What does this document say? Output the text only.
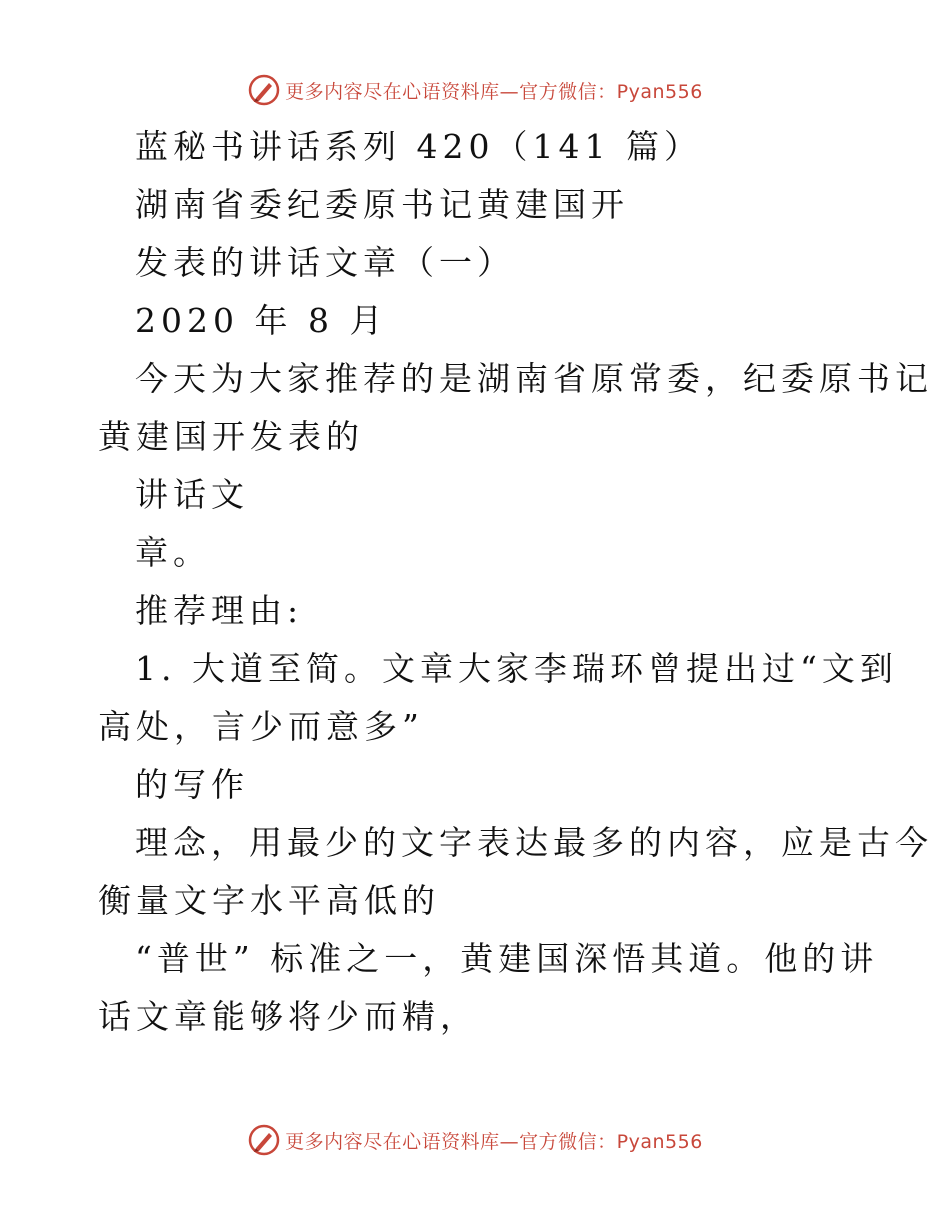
更多内容尽在心语资料库—官方微信：Pyan556
蓝秘书讲话系列 420（141 篇）
湖南省委纪委原书记黄建国开
发表的讲话文章（一）
2020 年 8 月
今天为大家推荐的是湖南省原常委，纪委原书记
黄建国开发表的
讲话文
章。
推荐理由:
1. 大道至简。文章大家李瑞环曾提出过“文到
高处，言少而意多”
的写作
理念，用最少的文字表达最多的内容，应是古今
衡量文字水平高低的
“普世” 标准之一，黄建国深悟其道。他的讲
话文章能够将少而精，
更多内容尽在心语资料库—官方微信：Pyan556
